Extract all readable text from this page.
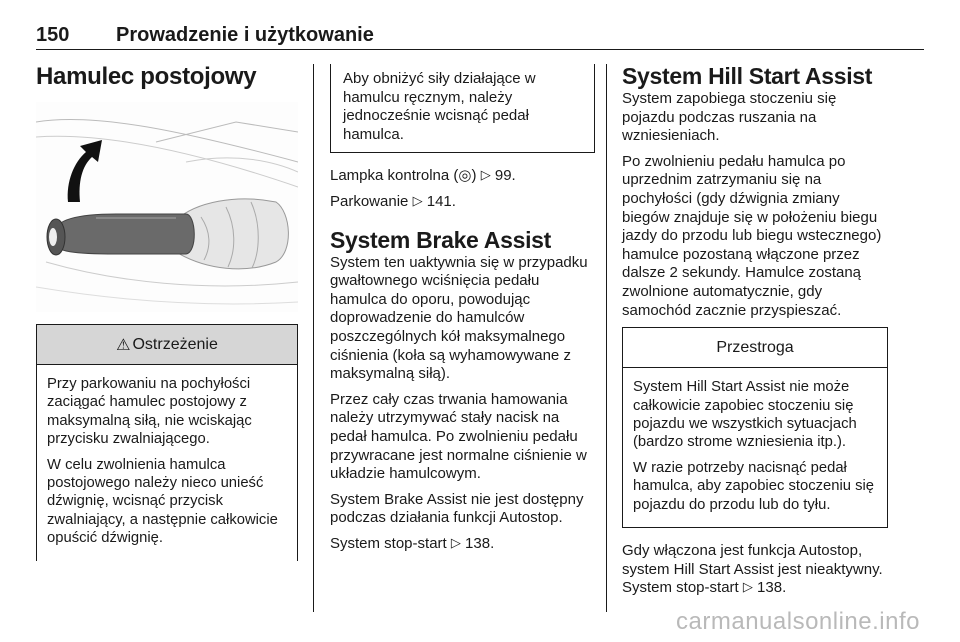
150 Prowadzenie i użytkowanie
Hamulec postojowy
⚠ Ostrzeżenie

Przy parkowaniu na pochyłości zaciągać hamulec postojowy z maksymalną siłą, nie wciskając przycisku zwalniającego.

W celu zwolnienia hamulca postojowego należy nieco unieść dźwignię, wcisnąć przycisk zwalniający, a następnie całkowicie opuścić dźwignię.

Aby obniżyć siły działające w hamulcu ręcznym, należy jednocześnie wcisnąć pedał hamulca.

Lampka kontrolna (◎) ▷ 99.

Parkowanie ▷ 141.

System Brake Assist

System ten uaktywnia się w przypadku gwałtownego wciśnięcia pedału hamulca do oporu, powodując doprowadzenie do hamulców poszczególnych kół maksymalnego ciśnienia (koła są wyhamowywane z maksymalną siłą).

Przez cały czas trwania hamowania należy utrzymywać stały nacisk na pedał hamulca. Po zwolnieniu pedału przywracane jest normalne ciśnienie w układzie hamulcowym.

System Brake Assist nie jest dostępny podczas działania funkcji Autostop.

System stop-start ▷ 138.

System Hill Start Assist

System zapobiega stoczeniu się pojazdu podczas ruszania na wzniesieniach.

Po zwolnieniu pedału hamulca po uprzednim zatrzymaniu się na pochyłości (gdy dźwignia zmiany biegów znajduje się w położeniu biegu jazdy do przodu lub biegu wstecznego) hamulce pozostaną włączone przez dalsze 2 sekundy. Hamulce zostaną zwolnione automatycznie, gdy samochód zacznie przyspieszać.

Przestroga

System Hill Start Assist nie może całkowicie zapobiec stoczeniu się pojazdu we wszystkich sytuacjach (bardzo strome wzniesienia itp.).

W razie potrzeby nacisnąć pedał hamulca, aby zapobiec stoczeniu się pojazdu do przodu lub do tyłu.

Gdy włączona jest funkcja Autostop, system Hill Start Assist jest nieaktywny. System stop-start ▷ 138.

carmanualsonline.info
